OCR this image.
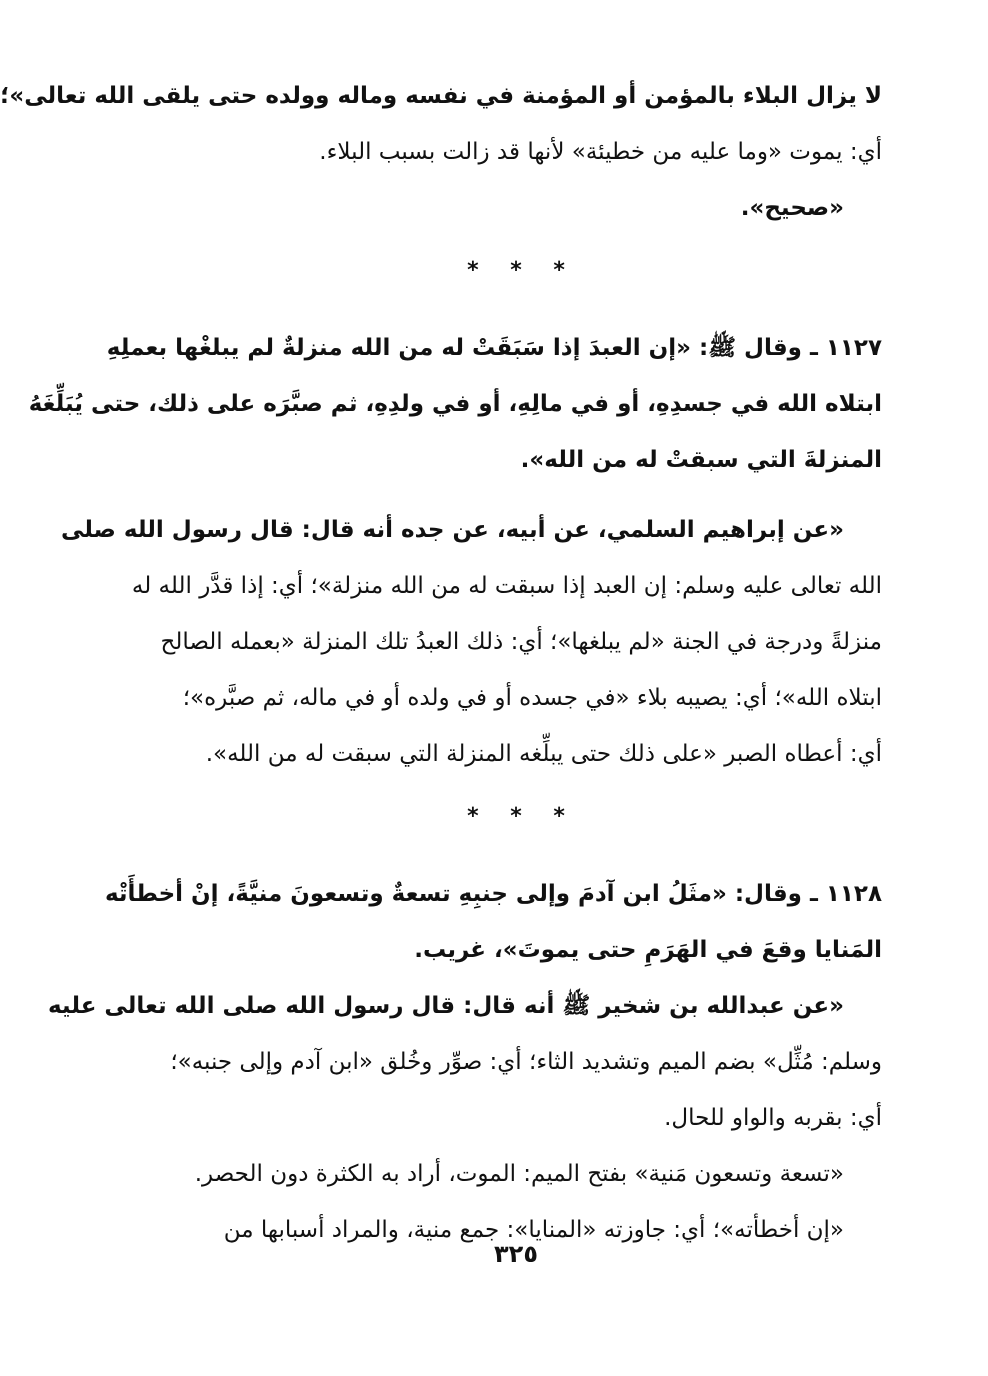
لا يزال البلاء بالمؤمن أو المؤمنة في نفسه وماله وولده حتى يلقى الله تعالى»؛
أي: يموت «وما عليه من خطيئة» لأنها قد زالت بسبب البلاء.
«صحيح».
* * *
١١٢٧ ـ وقال ﷺ: «إن العبدَ إذا سَبَقَتْ له من الله منزلةٌ لم يبلغْها بعملِهِ
ابتلاه الله في جسدِهِ، أو في مالِهِ، أو في ولدِهِ، ثم صبَّرَه على ذلك، حتى يُبَلِّغَهُ
المنزلةَ التي سبقتْ له من الله».
«عن إبراهيم السلمي، عن أبيه، عن جده أنه قال: قال رسول الله صلى
الله تعالى عليه وسلم: إن العبد إذا سبقت له من الله منزلة»؛ أي: إذا قدَّر الله له
منزلةً ودرجة في الجنة «لم يبلغها»؛ أي: ذلك العبدُ تلك المنزلة «بعمله الصالح
ابتلاه الله»؛ أي: يصيبه بلاء «في جسده أو في ولده أو في ماله، ثم صبَّره»؛
أي: أعطاه الصبر «على ذلك حتى يبلِّغه المنزلة التي سبقت له من الله».
* * *
١١٢٨ ـ وقال: «مثَلُ ابن آدمَ وإلى جنبِهِ تسعةٌ وتسعونَ منيَّةً، إنْ أخطأَتْه
المَنايا وقعَ في الهَرَمِ حتى يموتَ»، غريب.
«عن عبدالله بن شخير ﷺ أنه قال: قال رسول الله صلى الله تعالى عليه
وسلم: مُثِّل» بضم الميم وتشديد الثاء؛ أي: صوِّر وخُلق «ابن آدم وإلى جنبه»؛
أي: بقربه والواو للحال.
«تسعة وتسعون مَنية» بفتح الميم: الموت، أراد به الكثرة دون الحصر.
«إن أخطأته»؛ أي: جاوزته «المنايا»: جمع منية، والمراد أسبابها من
٣٢٥
